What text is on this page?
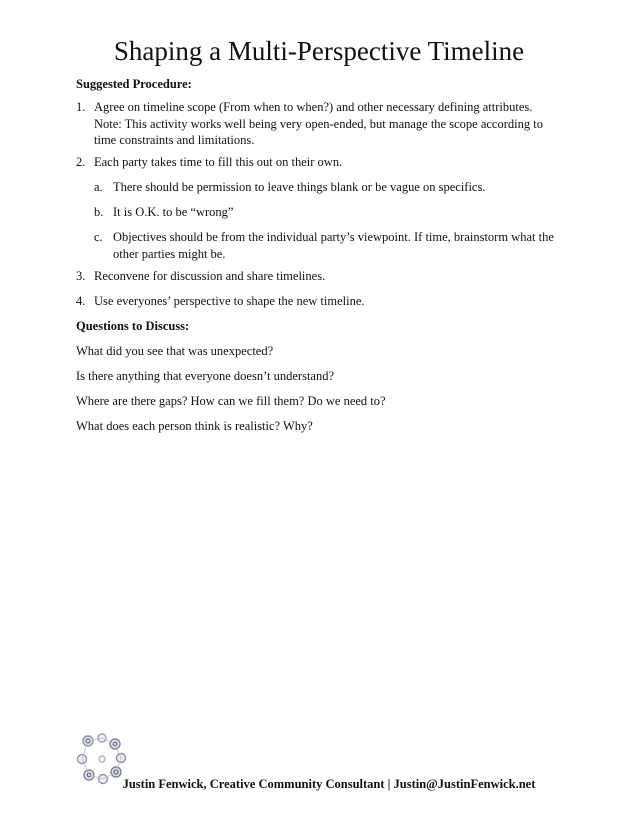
Shaping a Multi-Perspective Timeline
Suggested Procedure:
1. Agree on timeline scope (From when to when?) and other necessary defining attributes. Note: This activity works well being very open-ended, but manage the scope according to time constraints and limitations.
2. Each party takes time to fill this out on their own.
a. There should be permission to leave things blank or be vague on specifics.
b. It is O.K. to be “wrong”
c. Objectives should be from the individual party’s viewpoint. If time, brainstorm what the other parties might be.
3. Reconvene for discussion and share timelines.
4. Use everyones’ perspective to shape the new timeline.
Questions to Discuss:
What did you see that was unexpected?
Is there anything that everyone doesn’t understand?
Where are there gaps? How can we fill them? Do we need to?
What does each person think is realistic? Why?
Justin Fenwick, Creative Community Consultant | Justin@JustinFenwick.net
